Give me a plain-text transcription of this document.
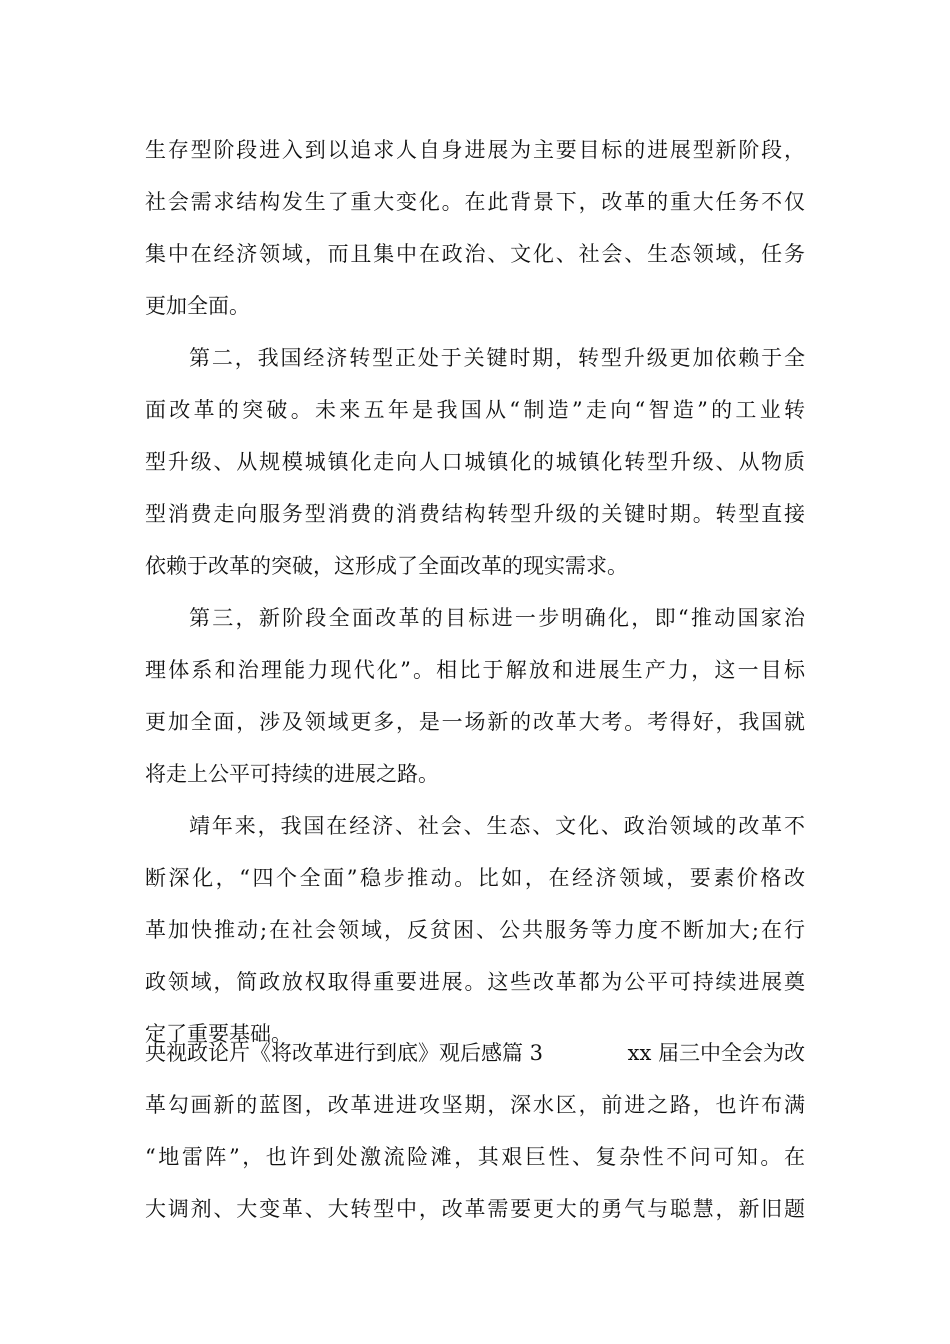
生存型阶段进入到以追求人自身进展为主要目标的进展型新阶段，
社会需求结构发生了重大变化。在此背景下，改革的重大任务不仅
集中在经济领域，而且集中在政治、文化、社会、生态领域，任务
更加全面。
第二，我国经济转型正处于关键时期，转型升级更加依赖于全
面改革的突破。未来五年是我国从“制造”走向“智造”的工业转
型升级、从规模城镇化走向人口城镇化的城镇化转型升级、从物质
型消费走向服务型消费的消费结构转型升级的关键时期。转型直接
依赖于改革的突破，这形成了全面改革的现实需求。
第三，新阶段全面改革的目标进一步明确化，即“推动国家治
理体系和治理能力现代化”。相比于解放和进展生产力，这一目标
更加全面，涉及领域更多，是一场新的改革大考。考得好，我国就
将走上公平可持续的进展之路。
靖年来，我国在经济、社会、生态、文化、政治领域的改革不
断深化，“四个全面”稳步推动。比如，在经济领域，要素价格改
革加快推动;在社会领域，反贫困、公共服务等力度不断加大;在行
政领域，简政放权取得重要进展。这些改革都为公平可持续进展奠
定了重要基础。
央视政论片《将改革进行到底》观后感篇 3	xx 届三中全会为改
革勾画新的蓝图，改革进进攻坚期，深水区，前进之路，也许布满
“地雷阵”，也许到处激流险滩，其艰巨性、复杂性不问可知。在
大调剂、大变革、大转型中，改革需要更大的勇气与聪慧，新旧题
